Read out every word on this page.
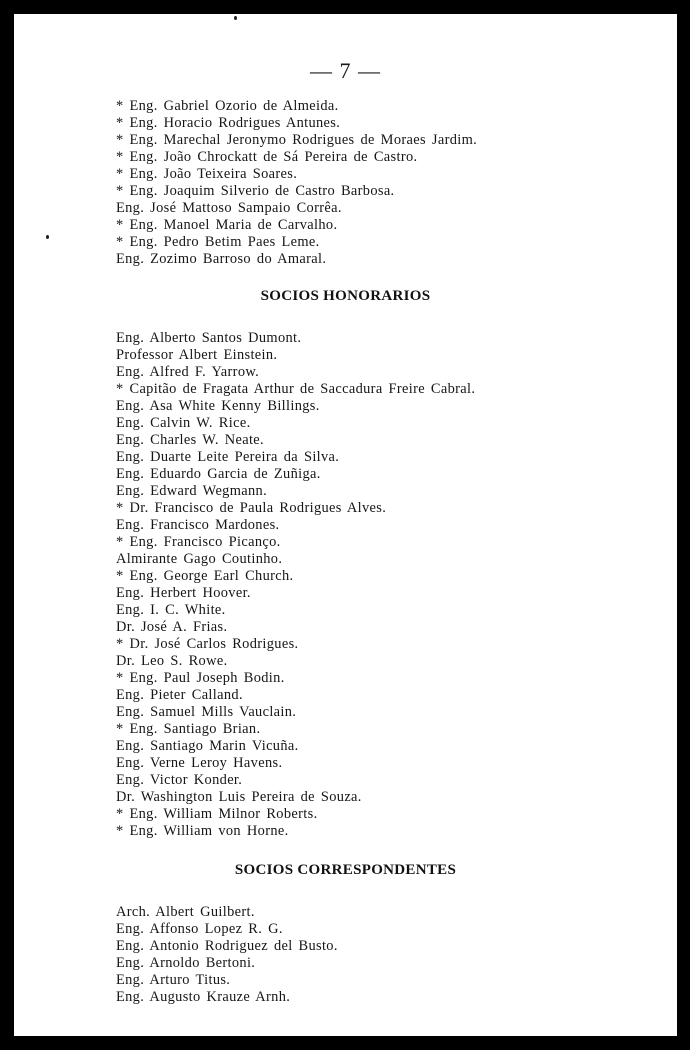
— 7 —
* Eng. Gabriel Ozorio de Almeida.
* Eng. Horacio Rodrigues Antunes.
* Eng. Marechal Jeronymo Rodrigues de Moraes Jardim.
* Eng. João Chrockatt de Sá Pereira de Castro.
* Eng. João Teixeira Soares.
* Eng. Joaquim Silverio de Castro Barbosa.
Eng. José Mattoso Sampaio Corrêa.
* Eng. Manoel Maria de Carvalho.
* Eng. Pedro Betim Paes Leme.
Eng. Zozimo Barroso do Amaral.
SOCIOS HONORARIOS
Eng. Alberto Santos Dumont.
Professor Albert Einstein.
Eng. Alfred F. Yarrow.
* Capitão de Fragata Arthur de Saccadura Freire Cabral.
Eng. Asa White Kenny Billings.
Eng. Calvin W. Rice.
Eng. Charles W. Neate.
Eng. Duarte Leite Pereira da Silva.
Eng. Eduardo Garcia de Zuñiga.
Eng. Edward Wegmann.
* Dr. Francisco de Paula Rodrigues Alves.
Eng. Francisco Mardones.
* Eng. Francisco Picanço.
Almirante Gago Coutinho.
* Eng. George Earl Church.
Eng. Herbert Hoover.
Eng. I. C. White.
Dr. José A. Frias.
* Dr. José Carlos Rodrigues.
Dr. Leo S. Rowe.
* Eng. Paul Joseph Bodin.
Eng. Pieter Calland.
Eng. Samuel Mills Vauclain.
* Eng. Santiago Brian.
Eng. Santiago Marin Vicuña.
Eng. Verne Leroy Havens.
Eng. Victor Konder.
Dr. Washington Luis Pereira de Souza.
* Eng. William Milnor Roberts.
* Eng. William von Horne.
SOCIOS CORRESPONDENTES
Arch. Albert Guilbert.
Eng. Affonso Lopez R. G.
Eng. Antonio Rodriguez del Busto.
Eng. Arnoldo Bertoni.
Eng. Arturo Titus.
Eng. Augusto Krauze Arnh.
